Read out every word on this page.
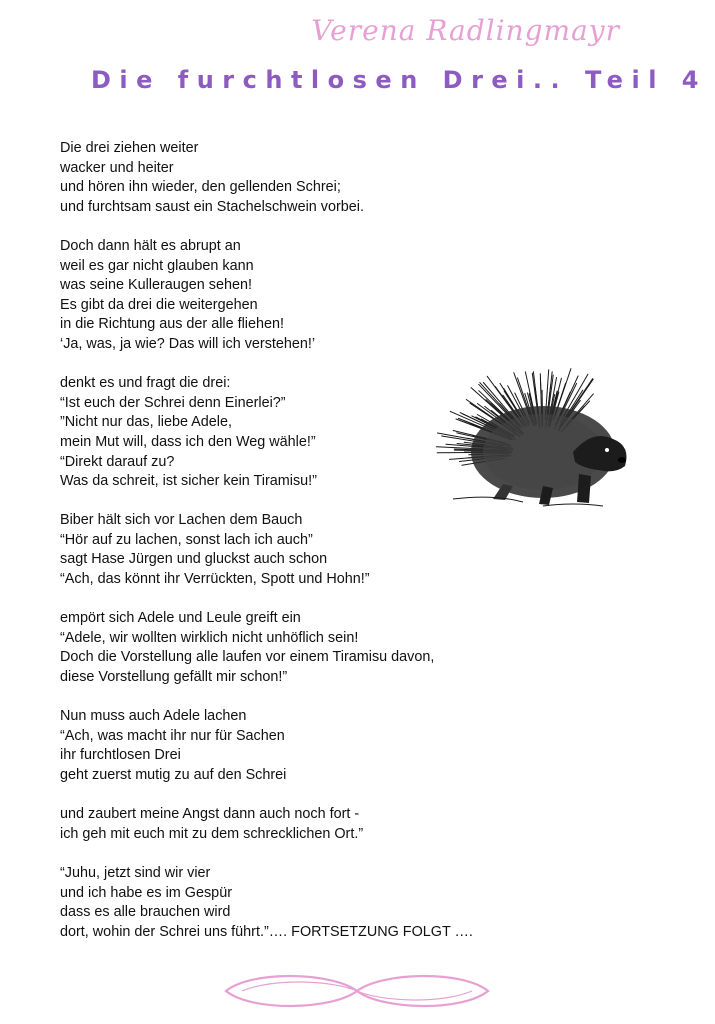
Verena Radlingmayr
Die furchtlosen Drei.. Teil 4
Die drei ziehen weiter
wacker und heiter
und hören ihn wieder, den gellenden Schrei;
und furchtsam saust ein Stachelschwein vorbei.
Doch dann hält es abrupt an
weil es gar nicht glauben kann
was seine Kulleraugen sehen!
Es gibt da drei die weitergehen
in die Richtung aus der alle fliehen!
‘Ja, was, ja wie? Das will ich verstehen!’
denkt es und fragt die drei:
“Ist euch der Schrei denn Einerlei?”
”Nicht nur das, liebe Adele,
mein Mut will, dass ich den Weg wähle!”
“Direkt darauf zu?
Was da schreit, ist sicher kein Tiramisu!”
Biber hält sich vor Lachen dem Bauch
“Hör auf zu lachen, sonst lach ich auch”
sagt Hase Jürgen und gluckst auch schon
“Ach, das könnt ihr Verrückten, Spott und Hohn!”
empört sich Adele und Leule greift ein
“Adele, wir wollten wirklich nicht unhöflich sein!
Doch die Vorstellung alle laufen vor einem Tiramisu davon,
diese Vorstellung gefällt mir schon!”
Nun muss auch Adele lachen
“Ach, was macht ihr nur für Sachen
ihr furchtlosen Drei
geht zuerst mutig zu auf den Schrei
und zaubert meine Angst dann auch noch fort -
ich geh mit euch mit zu dem schrecklichen Ort.”
“Juhu, jetzt sind wir vier
und ich habe es im Gespür
dass es alle brauchen wird
dort, wohin der Schrei uns führt.”…. FORTSETZUNG FOLGT ….
